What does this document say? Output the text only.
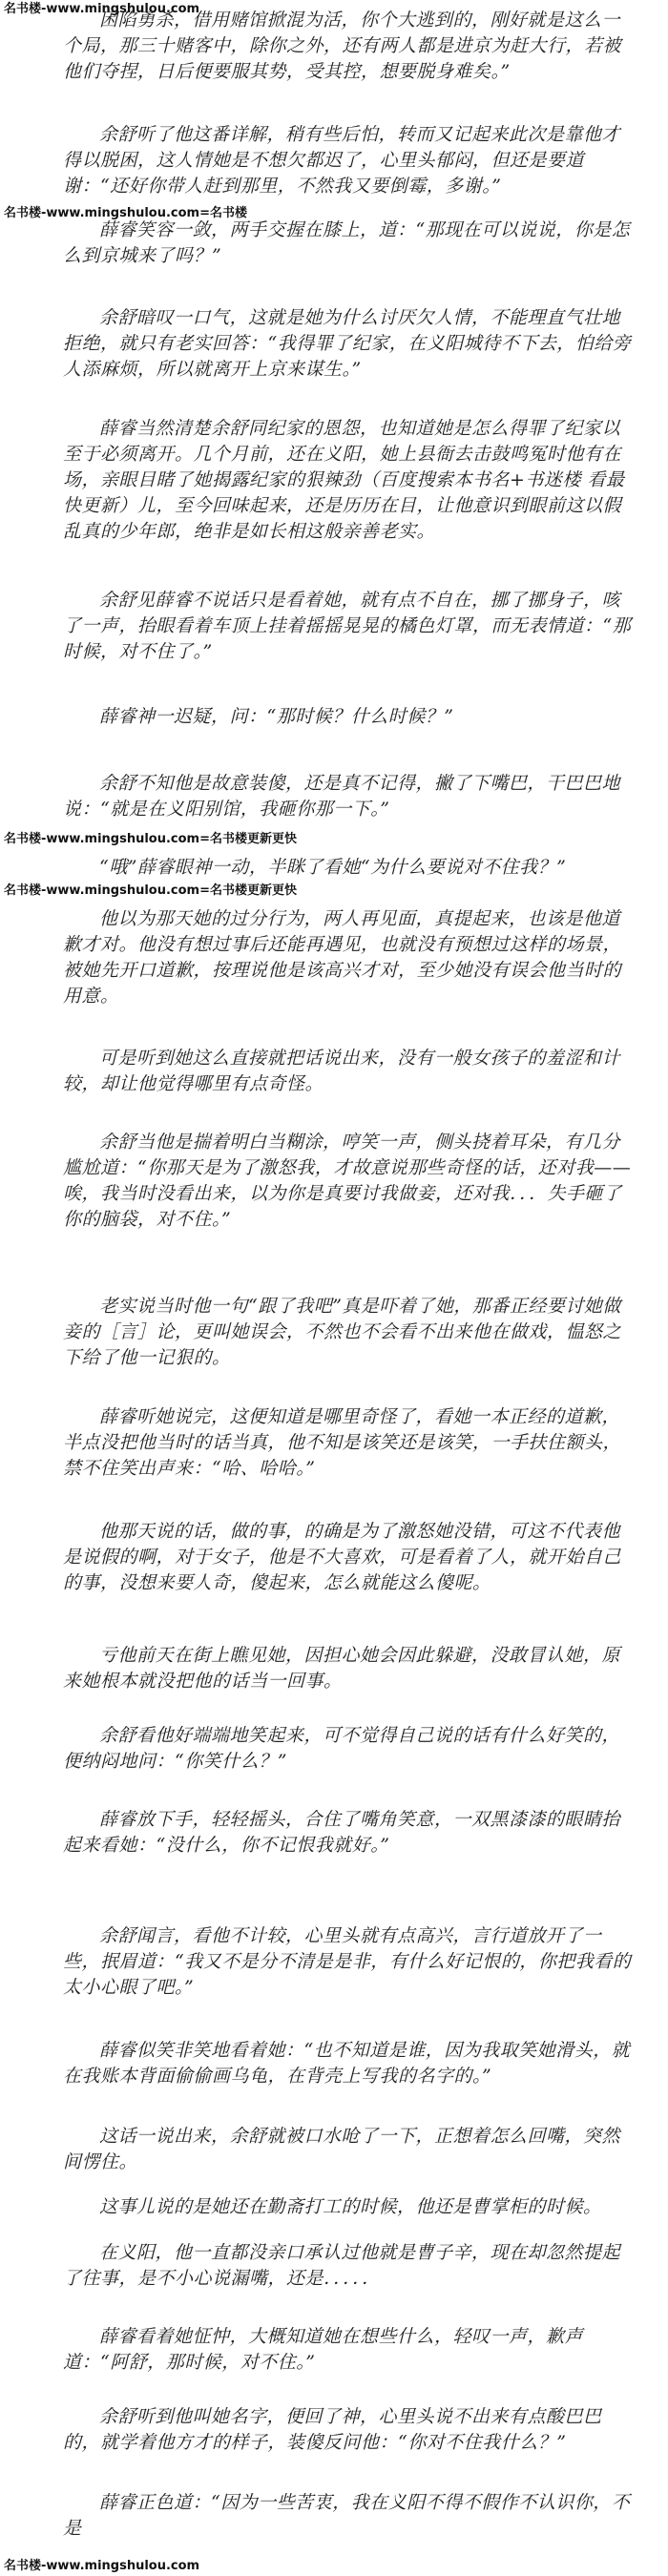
名书楼-www.mingshulou.com

困陷勇杀，借用赌馆掀混为活，你个大逃到的，刚好就是这么一个局，那三十赌客中，除你之外，还有两人都是进京为赶大行，若被他们夺捏，日后便要服其势，受其控，想要脱身难矣。”

余舒听了他这番详解，稍有些后怕，转而又记起来此次是靠他才得以脱困，这人情她是不想欠都迟了，心里头郁闷，但还是要道谢：“还好你带人赶到那里，不然我又要倒霉，多谢。”

名书楼-www.mingshulou.com=名书楼

薛睿笑容一敛，两手交握在膝上，道：“那现在可以说说，你是怎么到京城来了吗？”

余舒暗叹一口气，这就是她为什么讨厌欠人情，不能理直气壮地拒绝，就只有老实回答：“我得罪了纪家，在义阳城待不下去，怕给旁人添麻烦，所以就离开上京来谋生。”

薛睿当然清楚余舒同纪家的恩怨，也知道她是怎么得罪了纪家以至于必须离开。几个月前，还在义阳，她上县衙去击鼓鸣冤时他有在场，亲眼目睹了她揭露纪家的狠辣劲（百度搜索本书名+书迷楼 看最快更新）儿，至今回味起来，还是历历在目，让他意识到眼前这以假乱真的少年郎，绝非是如长相这般亲善老实。

余舒见薛睿不说话只是看着她，就有点不自在，挪了挪身子，咳了一声，抬眼看着车顶上挂着摇摇晃晃的橘色灯罩，而无表情道：“那时候，对不住了。”

薛睿神一迟疑，问：“那时候？什么时候？”

余舒不知他是故意装傻，还是真不记得，撇了下嘴巴，干巴巴地说：“就是在义阳别馆，我砸你那一下。”

名书楼-www.mingshulou.com=名书楼更新更快

“哦”薛睿眼神一动，半眯了看她“为什么要说对不住我？”

名书楼-www.mingshulou.com=名书楼更新更快

他以为那天她的过分行为，两人再见面，真提起来，也该是他道歉才对。他没有想过事后还能再遇见，也就没有预想过这样的场景，被她先开口道歉，按理说他是该高兴才对，至少她没有误会他当时的用意。

可是听到她这么直接就把话说出来，没有一般女孩子的羞涩和计较，却让他觉得哪里有点奇怪。

余舒当他是揣着明白当糊涂，哼笑一声，侧头挠着耳朵，有几分尴尬道：“你那天是为了激怒我，才故意说那些奇怪的话，还对我——唉，我当时没看出来，以为你是真要讨我做妾，还对我．．．失手砸了你的脑袋，对不住。”

老实说当时他一句“跟了我吧”真是吓着了她，那番正经要讨她做妾的［言］论，更叫她误会，不然也不会看不出来他在做戏，愠怒之下给了他一记狠的。

薛睿听她说完，这便知道是哪里奇怪了，看她一本正经的道歉，半点没把他当时的话当真，他不知是该笑还是该笑，一手扶住额头，禁不住笑出声来：“哈、哈哈。”

他那天说的话，做的事，的确是为了激怒她没错，可这不代表他是说假的啊，对于女子，他是不大喜欢，可是看着了人，就开始自己的事，没想来要人奇，傻起来，怎么就能这么傻呢。

亏他前天在街上瞧见她，因担心她会因此躲避，没敢冒认她，原来她根本就没把他的话当一回事。

余舒看他好端端地笑起来，可不觉得自己说的话有什么好笑的，便纳闷地问：“你笑什么？”

薛睿放下手，轻轻摇头，合住了嘴角笑意，一双黑漆漆的眼睛抬起来看她：“没什么，你不记恨我就好。”

余舒闻言，看他不计较，心里头就有点高兴，言行道放开了一些，抿眉道：“我又不是分不清是是非，有什么好记恨的，你把我看的太小心眼了吧。”

薛睿似笑非笑地看着她：“也不知道是谁，因为我取笑她滑头，就在我账本背面偷偷画乌龟，在背壳上写我的名字的。”

这话一说出来，余舒就被口水呛了一下，正想着怎么回嘴，突然间愣住。

这事儿说的是她还在勤斋打工的时候，他还是曹掌柜的时候。

在义阳，他一直都没亲口承认过他就是曹子辛，现在却忽然提起了往事，是不小心说漏嘴，还是．．．．．

薛睿看着她怔忡，大概知道她在想些什么，轻叹一声，歉声道：“阿舒，那时候，对不住。”

余舒听到他叫她名字，便回了神，心里头说不出来有点酸巴巴的，就学着他方才的样子，装傻反问他：“你对不住我什么？”

薛睿正色道：“因为一些苦衷，我在义阳不得不假作不认识你，不是

名书楼-www.mingshulou.com
